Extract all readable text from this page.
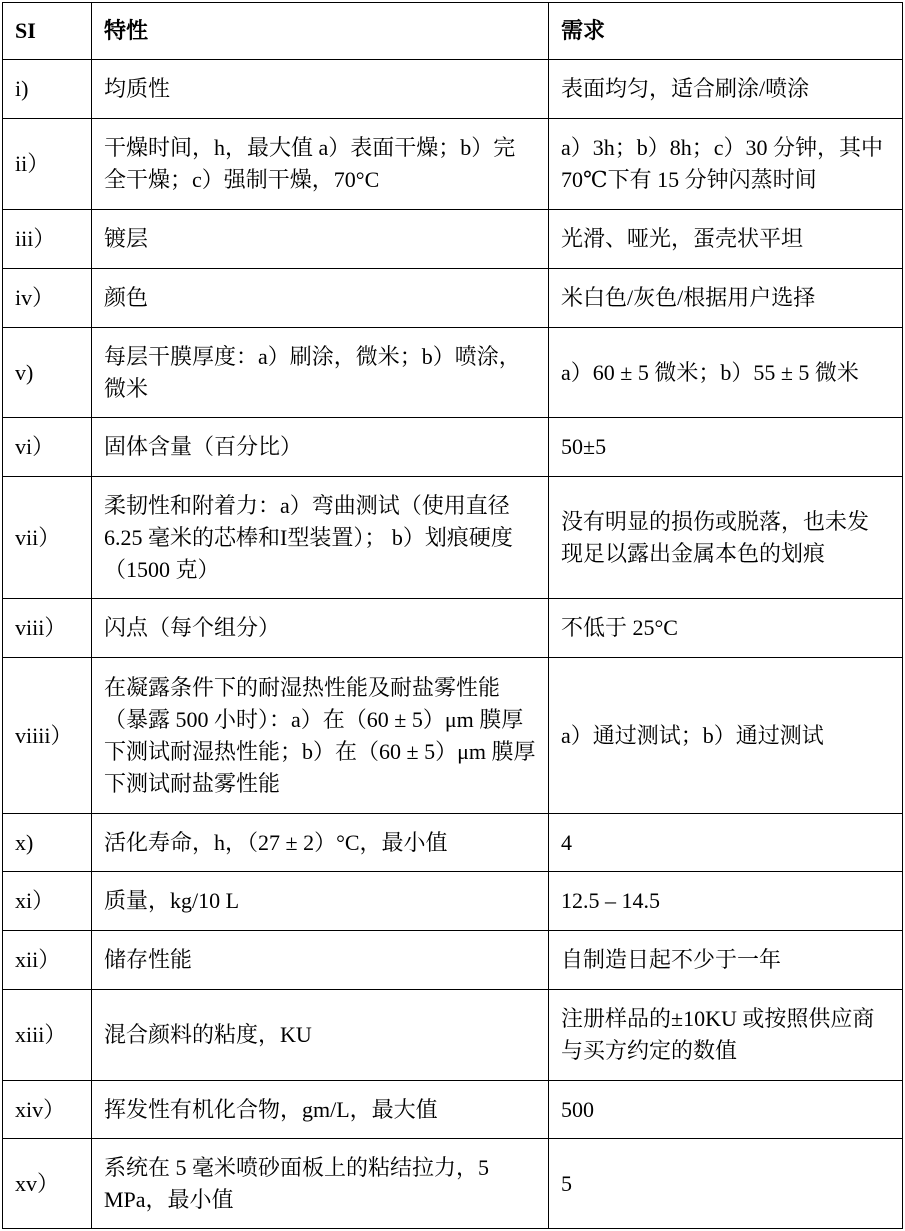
SI	特性	需求
i)	均质性	表面均匀，适合刷涂/喷涂
ii）	干燥时间，h，最大值 a）表面干燥；b）完全干燥；c）强制干燥，70°C	a）3h；b）8h；c）30 分钟，其中 70℃下有 15 分钟闪蒸时间
iii）	镀层	光滑、哑光，蛋壳状平坦
iv）	颜色	米白色/灰色/根据用户选择
v)	每层干膜厚度：a）刷涂，微米；b）喷涂，微米	a）60 ± 5 微米；b）55 ± 5 微米
vi）	固体含量（百分比）	50±5
vii）	柔韧性和附着力：a）弯曲测试（使用直径 6.25 毫米的芯棒和I型装置）； b）划痕硬度（1500 克）	没有明显的损伤或脱落，也未发现足以露出金属本色的划痕
viii）	闪点（每个组分）	不低于 25°C
viiii）	在凝露条件下的耐湿热性能及耐盐雾性能（暴露 500 小时）：a）在（60 ± 5）μm 膜厚下测试耐湿热性能；b）在（60 ± 5）μm 膜厚下测试耐盐雾性能	a）通过测试；b）通过测试
x)	活化寿命，h，（27 ± 2）°C，最小值	4
xi）	质量，kg/10 L	12.5 – 14.5
xii）	储存性能	自制造日起不少于一年
xiii）	混合颜料的粘度，KU	注册样品的±10KU 或按照供应商与买方约定的数值
xiv）	挥发性有机化合物，gm/L，最大值	500
xv）	系统在 5 毫米喷砂面板上的粘结拉力，5 MPa，最小值	5
